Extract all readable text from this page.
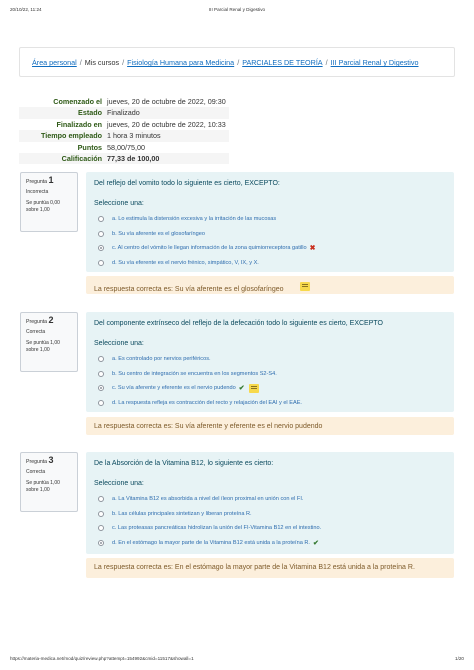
20/10/22, 11:24	III Parcial Renal y Digestivo
Área personal / Mis cursos / Fisiología Humana para Medicina / PARCIALES DE TEORÍA / III Parcial Renal y Digestivo
Comenzado el jueves, 20 de octubre de 2022, 09:30
Estado Finalizado
Finalizado en jueves, 20 de octubre de 2022, 10:33
Tiempo empleado 1 hora 3 minutos
Puntos 58,00/75,00
Calificación 77,33 de 100,00
Pregunta 1
Incorrecta
Se puntúa 0,00 sobre 1,00
Del reflejo del vomito todo lo siguiente es cierto, EXCEPTO:
Seleccione una:
a. Lo estimula la distensión excesiva y la irritación de las mucosas
b. Su vía aferente es el glosofaríngeo
c. Al centro del vómito le llegan información de la zona quimiorreceptora gatillo ✖
d. Su vía eferente es el nervio frénico, simpático, V, IX, y X.
La respuesta correcta es: Su vía aferente es el glosofaríngeo
Pregunta 2
Correcta
Se puntúa 1,00 sobre 1,00
Del componente extrínseco del reflejo de la defecación todo lo siguiente es cierto, EXCEPTO
Seleccione una:
a. Es controlado por nervios periféricos.
b. Su centro de integración se encuentra en los segmentos S2-S4.
c. Su vía aferente y eferente es el nervio pudendo ✔
d. La respuesta refleja es contracción del recto y relajación del EAI y el EAE.
La respuesta correcta es: Su vía aferente y eferente es el nervio pudendo
Pregunta 3
Correcta
Se puntúa 1,00 sobre 1,00
De la Absorción de la Vitamina B12, lo siguiente es cierto:
Seleccione una:
a. La Vitamina B12 es absorbida a nivel del íleon proximal en unión con el FI.
b. Las células principales sintetizan y liberan proteína R.
c. Las proteasas pancreáticas hidrolizan la unión del FI-Vitamina B12 en el intestino.
d. En el estómago la mayor parte de la Vitamina B12 está unida a la proteína R. ✔
La respuesta correcta es: En el estómago la mayor parte de la Vitamina B12 está unida a la proteína R.
https://materia-medica.net/mod/quiz/review.php?attempt=154992&cmid=11517&showall=1	1/20
